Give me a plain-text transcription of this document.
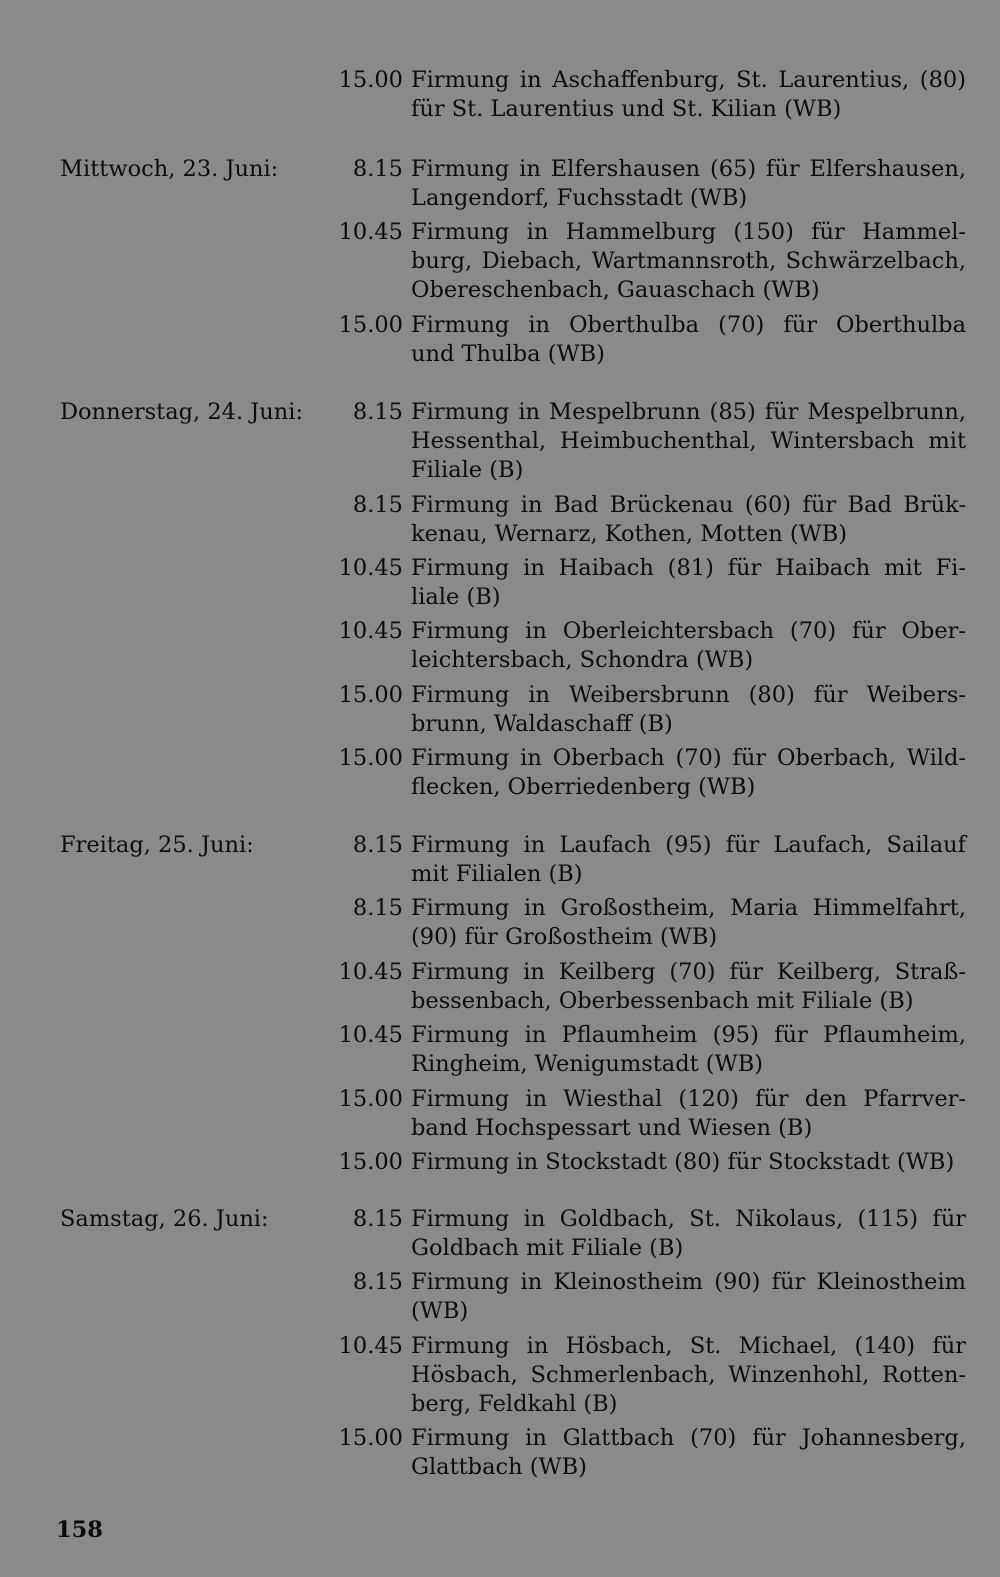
15.00 Firmung in Aschaffenburg, St. Laurentius, (80)
für St. Laurentius und St. Kilian (WB)
Mittwoch, 23. Juni:	8.15 Firmung in Elfershausen (65) für Elfershausen,
Langendorf, Fuchsstadt (WB)
10.45 Firmung in Hammelburg (150) für Hammel-
burg, Diebach, Wartmannsroth, Schwärzelbach,
Obereschenbach, Gauaschach (WB)
15.00 Firmung in Oberthulba (70) für Oberthulba
und Thulba (WB)
Donnerstag, 24. Juni:	8.15 Firmung in Mespelbrunn (85) für Mespelbrunn,
Hessenthal, Heimbuchenthal, Wintersbach mit
Filiale (B)
8.15 Firmung in Bad Brückenau (60) für Bad Brük-
kenau, Wernarz, Kothen, Motten (WB)
10.45 Firmung in Haibach (81) für Haibach mit Fi-
liale (B)
10.45 Firmung in Oberleichtersbach (70) für Ober-
leichtersbach, Schondra (WB)
15.00 Firmung in Weibersbrunn (80) für Weibers-
brunn, Waldaschaff (B)
15.00 Firmung in Oberbach (70) für Oberbach, Wild-
flecken, Oberriedenberg (WB)
Freitag, 25. Juni:	8.15 Firmung in Laufach (95) für Laufach, Sailauf
mit Filialen (B)
8.15 Firmung in Großostheim, Maria Himmelfahrt,
(90) für Großostheim (WB)
10.45 Firmung in Keilberg (70) für Keilberg, Straß-
bessenbach, Oberbessenbach mit Filiale (B)
10.45 Firmung in Pflaumheim (95) für Pflaumheim,
Ringheim, Wenigumstadt (WB)
15.00 Firmung in Wiesthal (120) für den Pfarrver-
band Hochspessart und Wiesen (B)
15.00 Firmung in Stockstadt (80) für Stockstadt (WB)
Samstag, 26. Juni:	8.15 Firmung in Goldbach, St. Nikolaus, (115) für
Goldbach mit Filiale (B)
8.15 Firmung in Kleinostheim (90) für Kleinostheim
(WB)
10.45 Firmung in Hösbach, St. Michael, (140) für
Hösbach, Schmerlenbach, Winzenhohl, Rotten-
berg, Feldkahl (B)
15.00 Firmung in Glattbach (70) für Johannesberg,
Glattbach (WB)
158
